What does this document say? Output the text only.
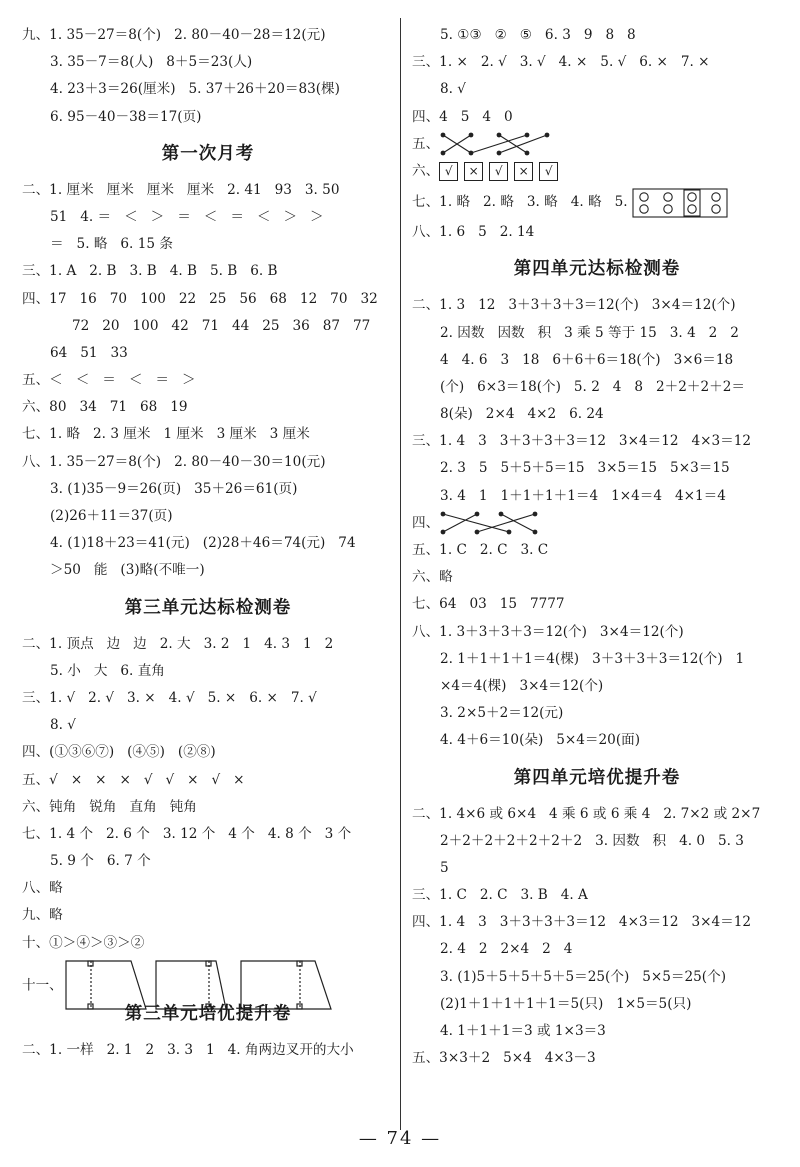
九、1. 35－27＝8(个)   2. 80－40－28＝12(元)
3. 35－7＝8(人)   8＋5＝23(人)
4. 23＋3＝26(厘米)   5. 37＋26＋20＝83(棵)
6. 95－40－38＝17(页)
第一次月考
二、1. 厘米   厘米   厘米   厘米   2. 41   93   3. 50
51   4. ＝   ＜   ＞   ＝   ＜   ＝   ＜   ＞   ＞
＝   5. 略   6. 15 条
三、1. A   2. B   3. B   4. B   5. B   6. B
四、17   16   70   100   22   25   56   68   12   70   32
72   20   100   42   71   44   25   36   87   77
64   51   33
五、＜   ＜   ＝   ＜   ＝   ＞
六、80   34   71   68   19
七、1. 略   2. 3 厘米   1 厘米   3 厘米   3 厘米
八、1. 35－27＝8(个)   2. 80－40－30＝10(元)
3. (1)35－9＝26(页)   35＋26＝61(页)
(2)26＋11＝37(页)
4. (1)18＋23＝41(元)   (2)28＋46＝74(元)   74
＞50   能   (3)略(不唯一)
第三单元达标检测卷
二、1. 顶点   边   边   2. 大   3. 2   1   4. 3   1   2
5. 小   大   6. 直角
三、1. √   2. √   3. ×   4. √   5. ×   6. ×   7. √
8. √
四、(①③⑥⑦)   (④⑤)   (②⑧)
五、√   ×   ×   ×   √   √   ×   √   ×
六、钝角   锐角   直角   钝角
七、1. 4 个   2. 6 个   3. 12 个   4 个   4. 8 个   3 个
5. 9 个   6. 7 个
八、略
九、略
十、①＞④＞③＞②
十一、
第三单元培优提升卷
二、1. 一样   2. 1   2   3. 3   1   4. 角两边叉开的大小
5. ①③   ②   ⑤   6. 3   9   8   8
三、1. ×   2. √   3. √   4. ×   5. √   6. ×   7. ×
8. √
四、4   5   4   0
五、
六、 √ × √ × √
七、1. 略   2. 略   3. 略   4. 略   5.
八、1. 6   5   2. 14
第四单元达标检测卷
二、1. 3   12   3＋3＋3＋3＝12(个)   3×4＝12(个)
2. 因数   因数   积   3 乘 5 等于 15   3. 4   2   2
4   4. 6   3   18   6＋6＋6＝18(个)   3×6＝18
(个)   6×3＝18(个)   5. 2   4   8   2＋2＋2＋2＝
8(朵)   2×4   4×2   6. 24
三、1. 4   3   3＋3＋3＋3＝12   3×4＝12   4×3＝12
2. 3   5   5＋5＋5＝15   3×5＝15   5×3＝15
3. 4   1   1＋1＋1＋1＝4   1×4＝4   4×1＝4
四、
五、1. C   2. C   3. C
六、略
七、64   03   15   7777
八、1. 3＋3＋3＋3＝12(个)   3×4＝12(个)
2. 1＋1＋1＋1＝4(棵)   3＋3＋3＋3＝12(个)   1
×4＝4(棵)   3×4＝12(个)
3. 2×5＋2＝12(元)
4. 4＋6＝10(朵)   5×4＝20(面)
第四单元培优提升卷
二、1. 4×6 或 6×4   4 乘 6 或 6 乘 4   2. 7×2 或 2×7
2＋2＋2＋2＋2＋2＋2   3. 因数   积   4. 0   5. 3
5
三、1. C   2. C   3. B   4. A
四、1. 4   3   3＋3＋3＋3＝12   4×3＝12   3×4＝12
2. 4   2   2×4   2   4
3. (1)5＋5＋5＋5＋5＝25(个)   5×5＝25(个)
(2)1＋1＋1＋1＋1＝5(只)   1×5＝5(只)
4. 1＋1＋1＝3 或 1×3＝3
五、3×3＋2   5×4   4×3－3
— 74 —
